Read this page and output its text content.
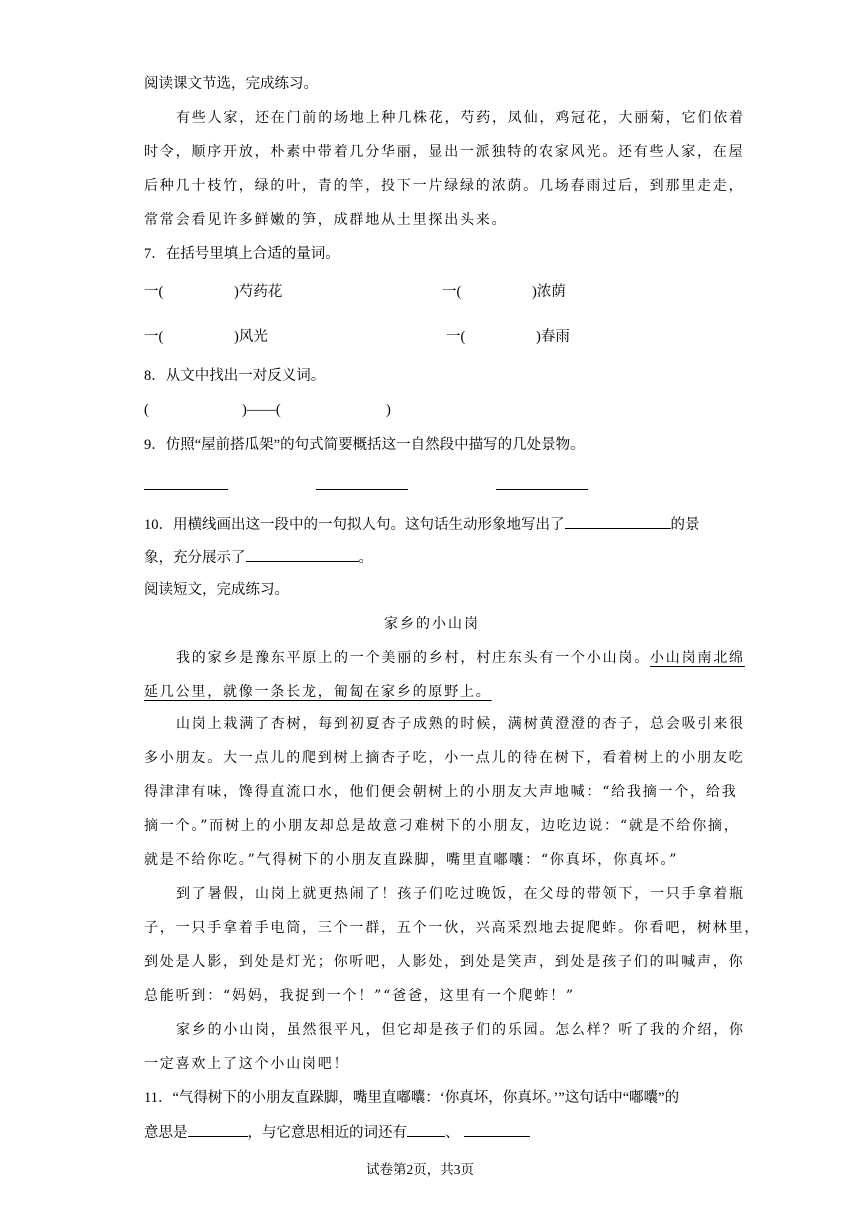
阅读课文节选，完成练习。
有些人家，还在门前的场地上种几株花，芍药，凤仙，鸡冠花，大丽菊，它们依着
时令，顺序开放，朴素中带着几分华丽，显出一派独特的农家风光。还有些人家，在屋
后种几十枝竹，绿的叶，青的竿，投下一片绿绿的浓荫。几场春雨过后，到那里走走，
常常会看见许多鲜嫩的笋，成群地从土里探出头来。
7．在括号里填上合适的量词。
一(	)芍药花	一(	)浓荫
一(	)风光	一(	)春雨
8．从文中找出一对反义词。
(	)——(	)
9．仿照“屋前搭瓜架”的句式简要概括这一自然段中描写的几处景物。
10．用横线画出这一段中的一句拟人句。这句话生动形象地写出了	的景
象，充分展示了	。
阅读短文，完成练习。
家乡的小山岗
我的家乡是豫东平原上的一个美丽的乡村，村庄东头有一个小山岗。小山岗南北绵
延几公里，就像一条长龙，匍匐在家乡的原野上。
山岗上栽满了杏树，每到初夏杏子成熟的时候，满树黄澄澄的杏子，总会吸引来很
多小朋友。大一点儿的爬到树上摘杏子吃，小一点儿的待在树下，看着树上的小朋友吃
得津津有味，馋得直流口水，他们便会朝树上的小朋友大声地喊：“给我摘一个，给我
摘一个。”而树上的小朋友却总是故意刁难树下的小朋友，边吃边说：“就是不给你摘，
就是不给你吃。”气得树下的小朋友直跺脚，嘴里直嘟囔：“你真坏，你真坏。”
到了暑假，山岗上就更热闹了！孩子们吃过晚饭，在父母的带领下，一只手拿着瓶
子，一只手拿着手电筒，三个一群，五个一伙，兴高采烈地去捉爬蚱。你看吧，树林里，
到处是人影，到处是灯光；你听吧，人影处，到处是笑声，到处是孩子们的叫喊声，你
总能听到：“妈妈，我捉到一个！”“爸爸，这里有一个爬蚱！”
家乡的小山岗，虽然很平凡，但它却是孩子们的乐园。怎么样？听了我的介绍，你
一定喜欢上了这个小山岗吧！
11．“气得树下的小朋友直跺脚，嘴里直嘟囔：‘你真坏，你真坏。’”这句话中“嘟囔”的
意思是	，与它意思相近的词还有	、
试卷第2页，共3页
